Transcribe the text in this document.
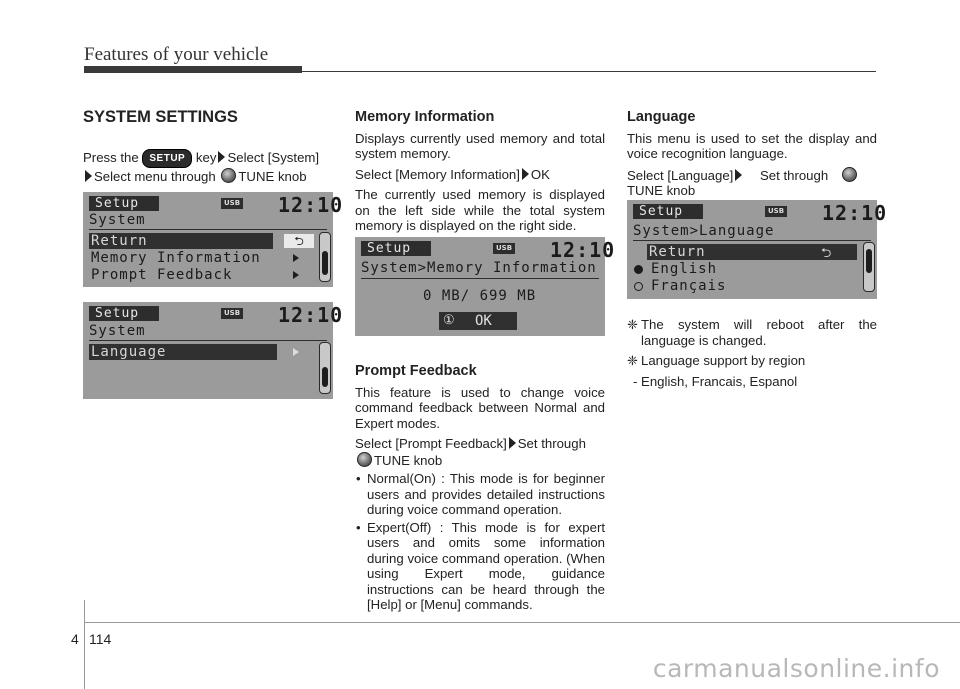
Features of your vehicle
SYSTEM SETTINGS

Press the SETUP key Select [System]
Select menu through TUNE knob

Setup	USB 12:10
System
Return	⮌
Memory Information
Prompt Feedback
Setup	USB 12:10
System
Language
Memory Information

Displays currently used memory and total system memory.

Select [Memory Information] OK

The currently used memory is displayed on the left side while the total system memory is displayed on the right side.

Setup	USB 12:10
System>Memory Information
0 MB/ 699 MB
① OK
Prompt Feedback

This feature is used to change voice command feedback between Normal and Expert modes.

Select [Prompt Feedback] Set through
TUNE knob

• Normal(On) : This mode is for beginner users and provides detailed instructions during voice command operation.
• Expert(Off) : This mode is for expert users and omits some information during voice command operation. (When using Expert mode, guidance instructions can be heard through the [Help] or [Menu] commands.
Language

This menu is used to set the display and voice recognition language.

Select [Language] Set through
TUNE knob

Setup	USB 12:10
System>Language
Return	⮌
English
Français

❈ The system will reboot after the language is changed.

❈ Language support by region

- English, Francais, Espanol

4 114
carmanualsonline.info
